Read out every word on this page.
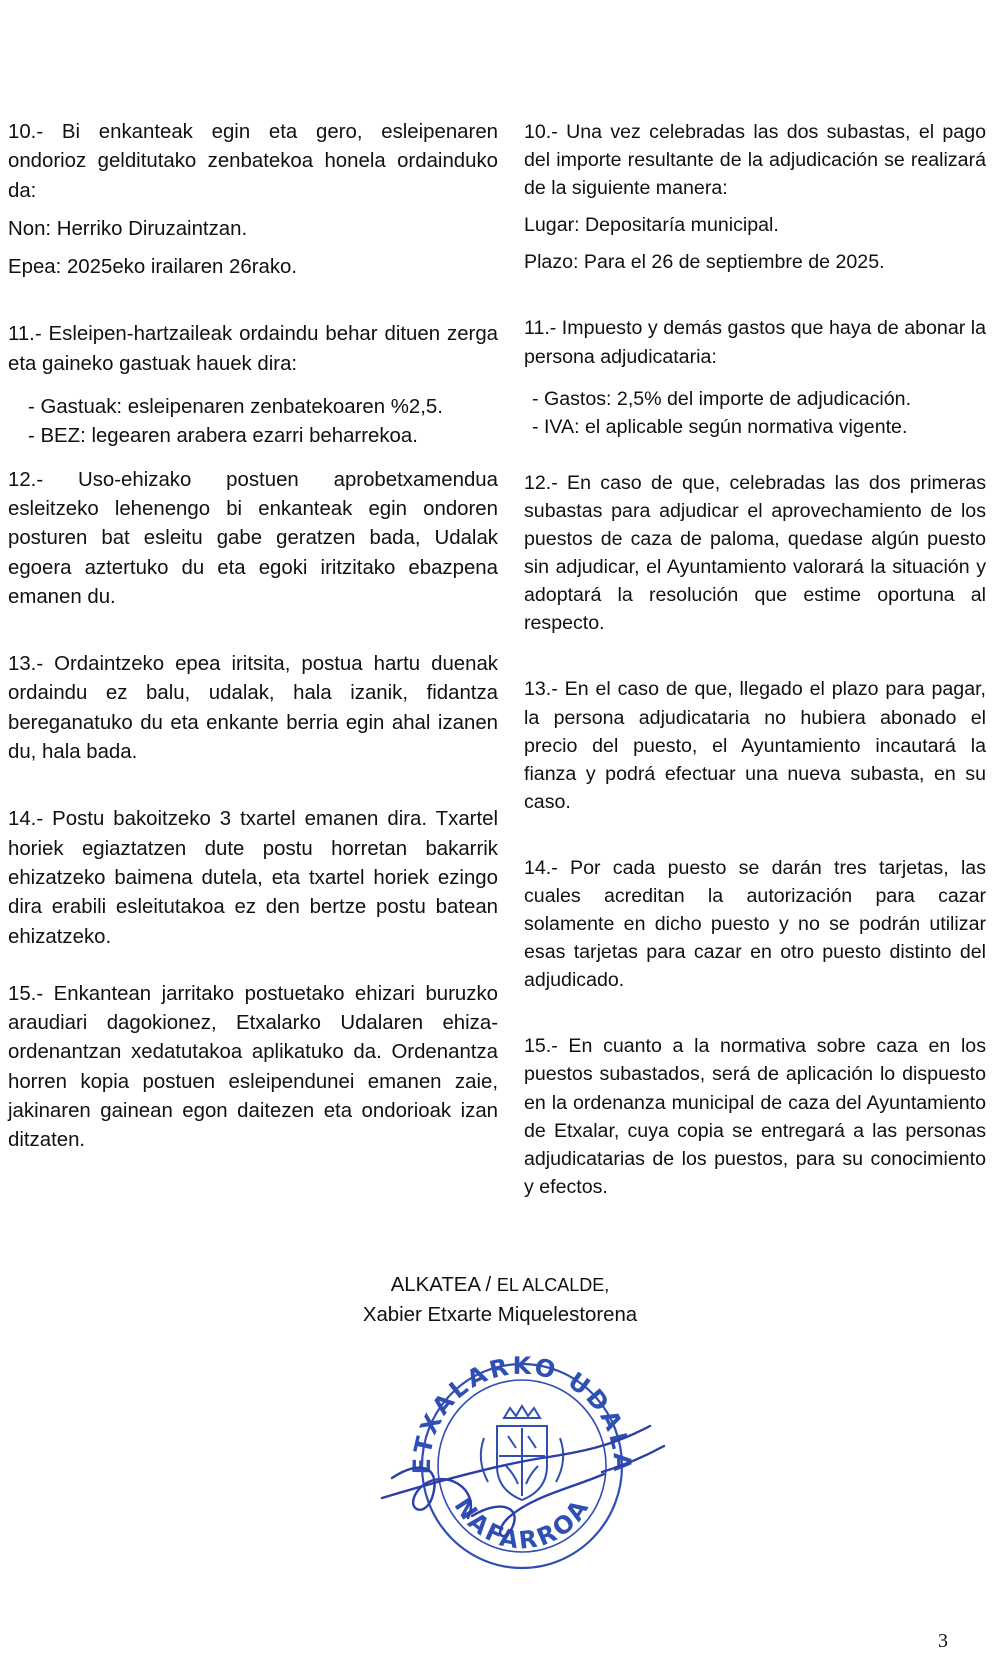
10.- Bi enkanteak egin eta gero, esleipenaren ondorioz gelditutako zenbatekoa honela ordainduko da:

Non: Herriko Diruzaintzan.

Epea: 2025eko irailaren 26rako.

11.- Esleipen-hartzaileak ordaindu behar dituen zerga eta gaineko gastuak hauek dira:

- Gastuak: esleipenaren zenbatekoaren %2,5.
- BEZ: legearen arabera ezarri beharrekoa.

12.- Uso-ehizako postuen aprobetxamendua esleitzeko lehenengo bi enkanteak egin ondoren posturen bat esleitu gabe geratzen bada, Udalak egoera aztertuko du eta egoki iritzitako ebazpena emanen du.

13.- Ordaintzeko epea iritsita, postua hartu duenak ordaindu ez balu, udalak, hala izanik, fidantza bereganatuko du eta enkante berria egin ahal izanen du, hala bada.

14.- Postu bakoitzeko 3 txartel emanen dira. Txartel horiek egiaztatzen dute postu horretan bakarrik ehizatzeko baimena dutela, eta txartel horiek ezingo dira erabili esleitutakoa ez den bertze postu batean ehizatzeko.

15.- Enkantean jarritako postuetako ehizari buruzko araudiari dagokionez, Etxalarko Udalaren ehiza-ordenantzan xedatutakoa aplikatuko da. Ordenantza horren kopia postuen esleipendunei emanen zaie, jakinaren gainean egon daitezen eta ondorioak izan ditzaten.

10.- Una vez celebradas las dos subastas, el pago del importe resultante de la adjudicación se realizará de la siguiente manera:

Lugar: Depositaría municipal.

Plazo: Para el 26 de septiembre de 2025.

11.- Impuesto y demás gastos que haya de abonar la persona adjudicataria:

- Gastos: 2,5% del importe de adjudicación.
- IVA: el aplicable según normativa vigente.

12.- En caso de que, celebradas las dos primeras subastas para adjudicar el aprovechamiento de los puestos de caza de paloma, quedase algún puesto sin adjudicar, el Ayuntamiento valorará la situación y adoptará la resolución que estime oportuna al respecto.

13.- En el caso de que, llegado el plazo para pagar, la persona adjudicataria no hubiera abonado el precio del puesto, el Ayuntamiento incautará la fianza y podrá efectuar una nueva subasta, en su caso.

14.- Por cada puesto se darán tres tarjetas, las cuales acreditan la autorización para cazar solamente en dicho puesto y no se podrán utilizar esas tarjetas para cazar en otro puesto distinto del adjudicado.

15.- En cuanto a la normativa sobre caza en los puestos subastados, será de aplicación lo dispuesto en la ordenanza municipal de caza del Ayuntamiento de Etxalar, cuya copia se entregará a las personas adjudicatarias de los puestos, para su conocimiento y efectos.

ALKATEA / EL ALCALDE,
Xabier Etxarte Miquelestorena
ETXALARKO UDALA
NAFARROA
3
